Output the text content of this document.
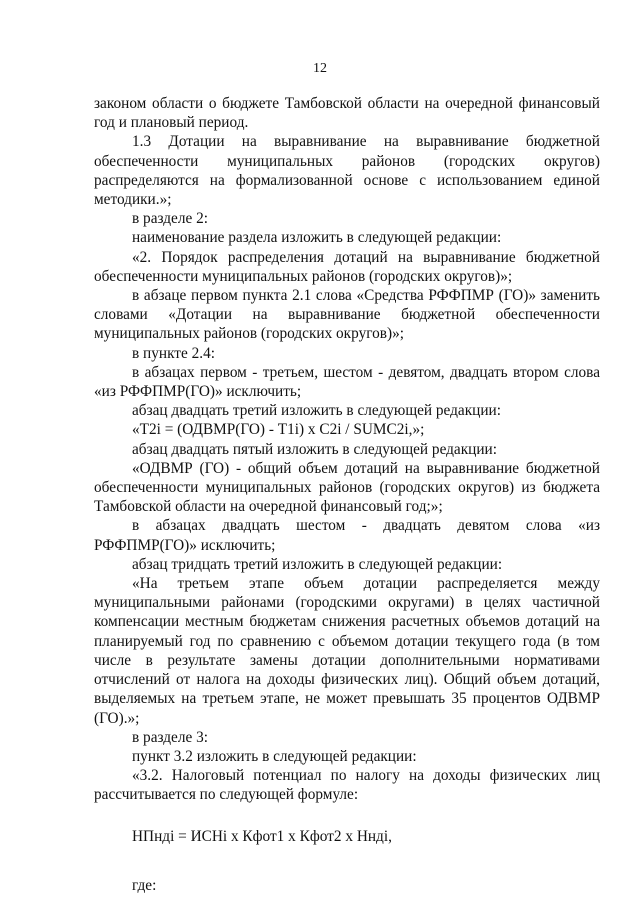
12

законом области о бюджете Тамбовской области на очередной финансовый год и плановый период.

1.3 Дотации на выравнивание на выравнивание бюджетной обеспеченности муниципальных районов (городских округов) распределяются на формализованной основе с использованием единой методики.»;

в разделе 2:

наименование раздела изложить в следующей редакции:

«2. Порядок распределения дотаций на выравнивание бюджетной обеспеченности муниципальных районов (городских округов)»;

в абзаце первом пункта 2.1 слова «Средства РФФПМР (ГО)» заменить словами «Дотации на выравнивание бюджетной обеспеченности муниципальных районов (городских округов)»;

в пункте 2.4:

в абзацах первом - третьем, шестом - девятом, двадцать втором слова «из РФФПМР(ГО)» исключить;

абзац двадцать третий изложить в следующей редакции:

«Т2i = (ОДВМР(ГО) - Т1i) х С2i / SUMC2i,»;

абзац двадцать пятый изложить в следующей редакции:

«ОДВМР (ГО) - общий объем дотаций на выравнивание бюджетной обеспеченности муниципальных районов (городских округов) из бюджета Тамбовской области на очередной финансовый год;»;

в абзацах двадцать шестом - двадцать девятом слова «из РФФПМР(ГО)» исключить;

абзац тридцать третий изложить в следующей редакции:

«На третьем этапе объем дотации распределяется между муниципальными районами (городскими округами) в целях частичной компенсации местным бюджетам снижения расчетных объемов дотаций на планируемый год по сравнению с объемом дотации текущего года (в том числе в результате замены дотации дополнительными нормативами отчислений от налога на доходы физических лиц). Общий объем дотаций, выделяемых на третьем этапе, не может превышать 35 процентов ОДВМР (ГО).»;

в разделе 3:

пункт 3.2 изложить в следующей редакции:

«3.2. Налоговый потенциал по налогу на доходы физических лиц рассчитывается по следующей формуле:

НПндi = ИСНi х Кфот1 х Кфот2 х Нндi,

где:
